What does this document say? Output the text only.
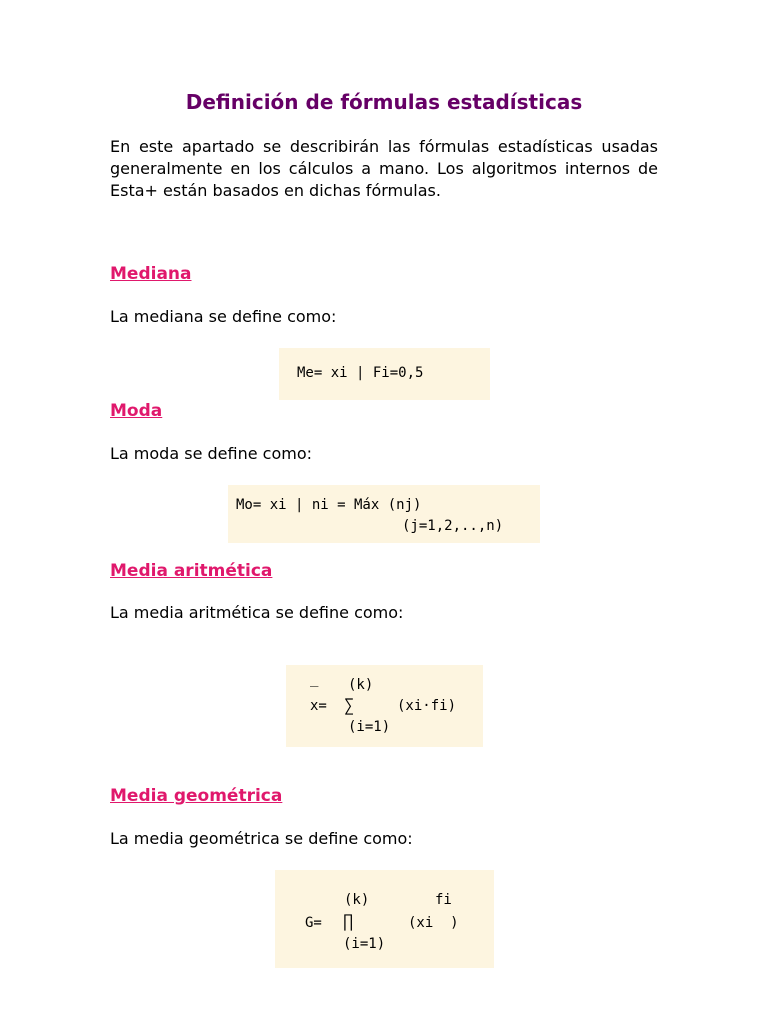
Definición de fórmulas estadísticas
En este apartado se describirán las fórmulas estadísticas usadas generalmente en los cálculos a mano. Los algoritmos internos de Esta+ están basados en dichas fórmulas.
Mediana
La mediana se define como:
Me= xi | Fi=0,5
Moda
La moda se define como:
Mo= xi | ni = Máx (nj)
(j=1,2,..,n)
Media aritmética
La media aritmética se define como:
_ (k)
x= ∑	(xi·fi)
(i=1)
Media geométrica
La media geométrica se define como:
(k)	fi
G= ∏	(xi  )
(i=1)
